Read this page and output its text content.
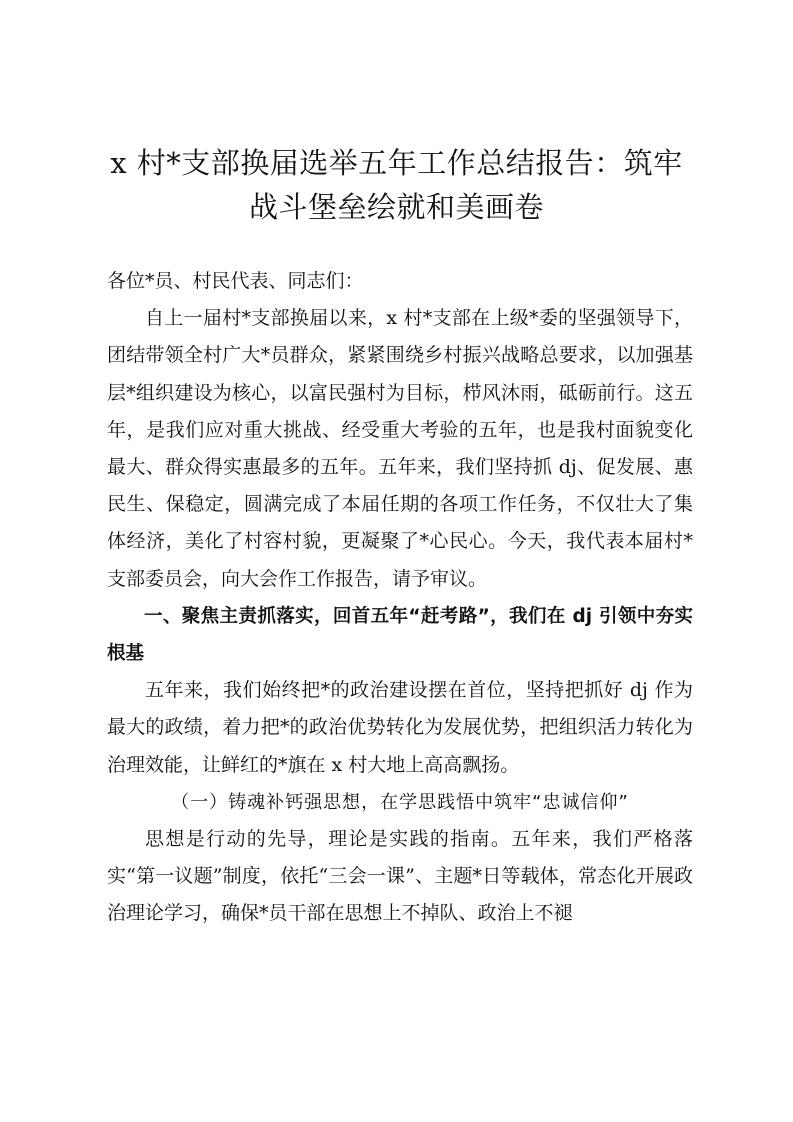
x 村*支部换届选举五年工作总结报告：筑牢战斗堡垒绘就和美画卷

各位*员、村民代表、同志们：

自上一届村*支部换届以来，x 村*支部在上级*委的坚强领导下，团结带领全村广大*员群众，紧紧围绕乡村振兴战略总要求，以加强基层*组织建设为核心，以富民强村为目标，栉风沐雨，砥砺前行。这五年，是我们应对重大挑战、经受重大考验的五年，也是我村面貌变化最大、群众得实惠最多的五年。五年来，我们坚持抓 dj、促发展、惠民生、保稳定，圆满完成了本届任期的各项工作任务，不仅壮大了集体经济，美化了村容村貌，更凝聚了*心民心。今天，我代表本届村*支部委员会，向大会作工作报告，请予审议。

一、聚焦主责抓落实，回首五年“赶考路”，我们在 dj 引领中夯实根基

五年来，我们始终把*的政治建设摆在首位，坚持把抓好 dj 作为最大的政绩，着力把*的政治优势转化为发展优势，把组织活力转化为治理效能，让鲜红的*旗在 x 村大地上高高飘扬。

（一）铸魂补钙强思想，在学思践悟中筑牢“忠诚信仰”

思想是行动的先导，理论是实践的指南。五年来，我们严格落实“第一议题”制度，依托“三会一课”、主题*日等载体，常态化开展政治理论学习，确保*员干部在思想上不掉队、政治上不褪
